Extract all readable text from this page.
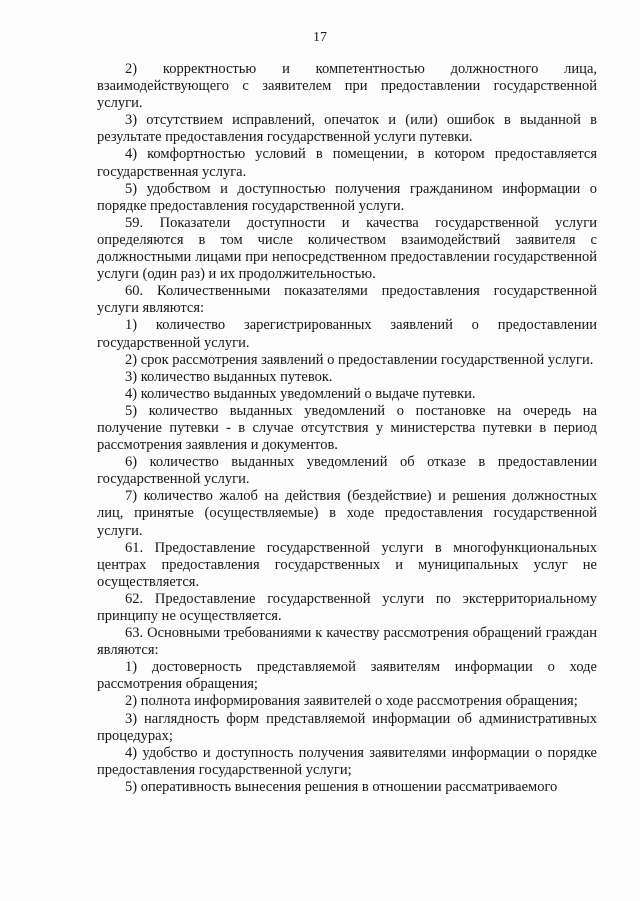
17

2) корректностью и компетентностью должностного лица, взаимодействующего с заявителем при предоставлении государственной услуги.

3) отсутствием исправлений, опечаток и (или) ошибок в выданной в результате предоставления государственной услуги путевки.

4) комфортностью условий в помещении, в котором предоставляется государственная услуга.

5) удобством и доступностью получения гражданином информации о порядке предоставления государственной услуги.

59. Показатели доступности и качества государственной услуги определяются в том числе количеством взаимодействий заявителя с должностными лицами при непосредственном предоставлении государственной услуги (один раз) и их продолжительностью.

60. Количественными показателями предоставления государственной услуги являются:

1) количество зарегистрированных заявлений о предоставлении государственной услуги.

2) срок рассмотрения заявлений о предоставлении государственной услуги.

3) количество выданных путевок.

4) количество выданных уведомлений о выдаче путевки.

5) количество выданных уведомлений о постановке на очередь на получение путевки - в случае отсутствия у министерства путевки в период рассмотрения заявления и документов.

6) количество выданных уведомлений об отказе в предоставлении государственной услуги.

7) количество жалоб на действия (бездействие) и решения должностных лиц, принятые (осуществляемые) в ходе предоставления государственной услуги.

61. Предоставление государственной услуги в многофункциональных центрах предоставления государственных и муниципальных услуг не осуществляется.

62. Предоставление государственной услуги по экстерриториальному принципу не осуществляется.

63. Основными требованиями к качеству рассмотрения обращений граждан являются:

1) достоверность представляемой заявителям информации о ходе рассмотрения обращения;

2) полнота информирования заявителей о ходе рассмотрения обращения;

3) наглядность форм представляемой информации об административных процедурах;

4) удобство и доступность получения заявителями информации о порядке предоставления государственной услуги;

5) оперативность вынесения решения в отношении рассматриваемого
